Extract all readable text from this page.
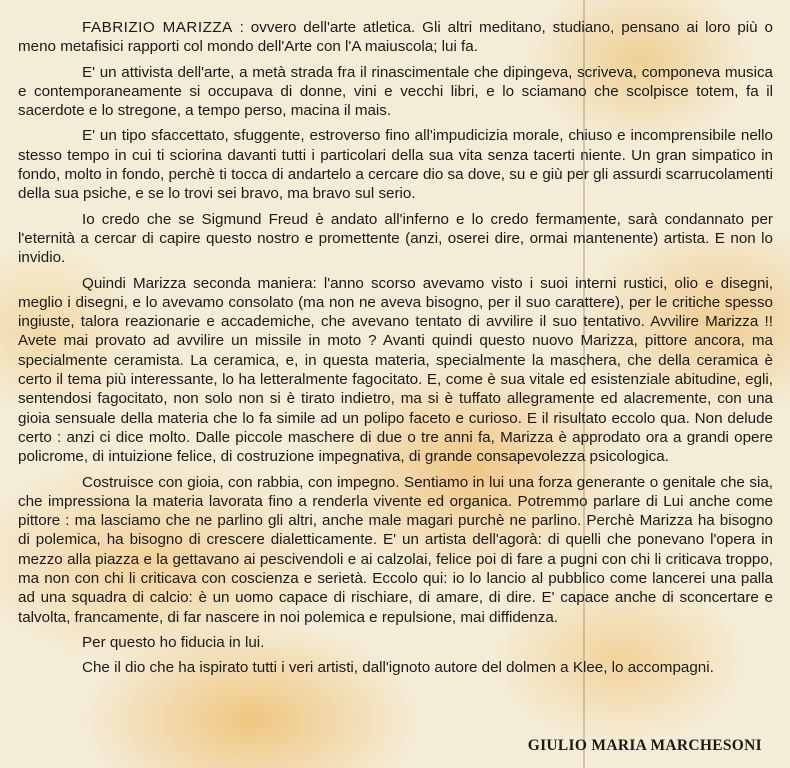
FABRIZIO MARIZZA : ovvero dell'arte atletica. Gli altri meditano, studiano, pensano ai loro più o meno metafisici rapporti col mondo dell'Arte con l'A maiuscola; lui fa.

E' un attivista dell'arte, a metà strada fra il rinascimentale che dipingeva, scriveva, componeva musica e contemporaneamente si occupava di donne, vini e vecchi libri, e lo sciamano che scolpisce totem, fa il sacerdote e lo stregone, a tempo perso, macina il mais.

E' un tipo sfaccettato, sfuggente, estroverso fino all'impudicizia morale, chiuso e incomprensibile nello stesso tempo in cui ti sciorina davanti tutti i particolari della sua vita senza tacerti niente. Un gran simpatico in fondo, molto in fondo, perchè ti tocca di andartelo a cercare dio sa dove, su e giù per gli assurdi scarrucolamenti della sua psiche, e se lo trovi sei bravo, ma bravo sul serio.

Io credo che se Sigmund Freud è andato all'inferno e lo credo fermamente, sarà condannato per l'eternità a cercar di capire questo nostro e promettente (anzi, oserei dire, ormai mantenente) artista. E non lo invidio.

Quindi Marizza seconda maniera: l'anno scorso avevamo visto i suoi interni rustici, olio e disegni, meglio i disegni, e lo avevamo consolato (ma non ne aveva bisogno, per il suo carattere), per le critiche spesso ingiuste, talora reazionarie e accademiche, che avevano tentato di avvilire il suo tentativo. Avvilire Marizza !! Avete mai provato ad avvilire un missile in moto ? Avanti quindi questo nuovo Marizza, pittore ancora, ma specialmente ceramista. La ceramica, e, in questa materia, specialmente la maschera, che della ceramica è certo il tema più interessante, lo ha letteralmente fagocitato. E, come è sua vitale ed esistenziale abitudine, egli, sentendosi fagocitato, non solo non si è tirato indietro, ma si è tuffato allegramente ed alacremente, con una gioia sensuale della materia che lo fa simile ad un polipo faceto e curioso. E il risultato eccolo qua. Non delude certo : anzi ci dice molto. Dalle piccole maschere di due o tre anni fa, Marizza è approdato ora a grandi opere policrome, di intuizione felice, di costruzione impegnativa, di grande consapevolezza psicologica.

Costruisce con gioia, con rabbia, con impegno. Sentiamo in lui una forza generante o genitale che sia, che impressiona la materia lavorata fino a renderla vivente ed organica. Potremmo parlare di Lui anche come pittore : ma lasciamo che ne parlino gli altri, anche male magari purchè ne parlino. Perchè Marizza ha bisogno di polemica, ha bisogno di crescere dialetticamente. E' un artista dell'agorà: di quelli che ponevano l'opera in mezzo alla piazza e la gettavano ai pescivendoli e ai calzolai, felice poi di fare a pugni con chi li criticava troppo, ma non con chi li criticava con coscienza e serietà. Eccolo qui: io lo lancio al pubblico come lancerei una palla ad una squadra di calcio: è un uomo capace di rischiare, di amare, di dire. E' capace anche di sconcertare e talvolta, francamente, di far nascere in noi polemica e repulsione, mai diffidenza.

Per questo ho fiducia in lui.

Che il dio che ha ispirato tutti i veri artisti, dall'ignoto autore del dolmen a Klee, lo accompagni.

GIULIO MARIA MARCHESONI
